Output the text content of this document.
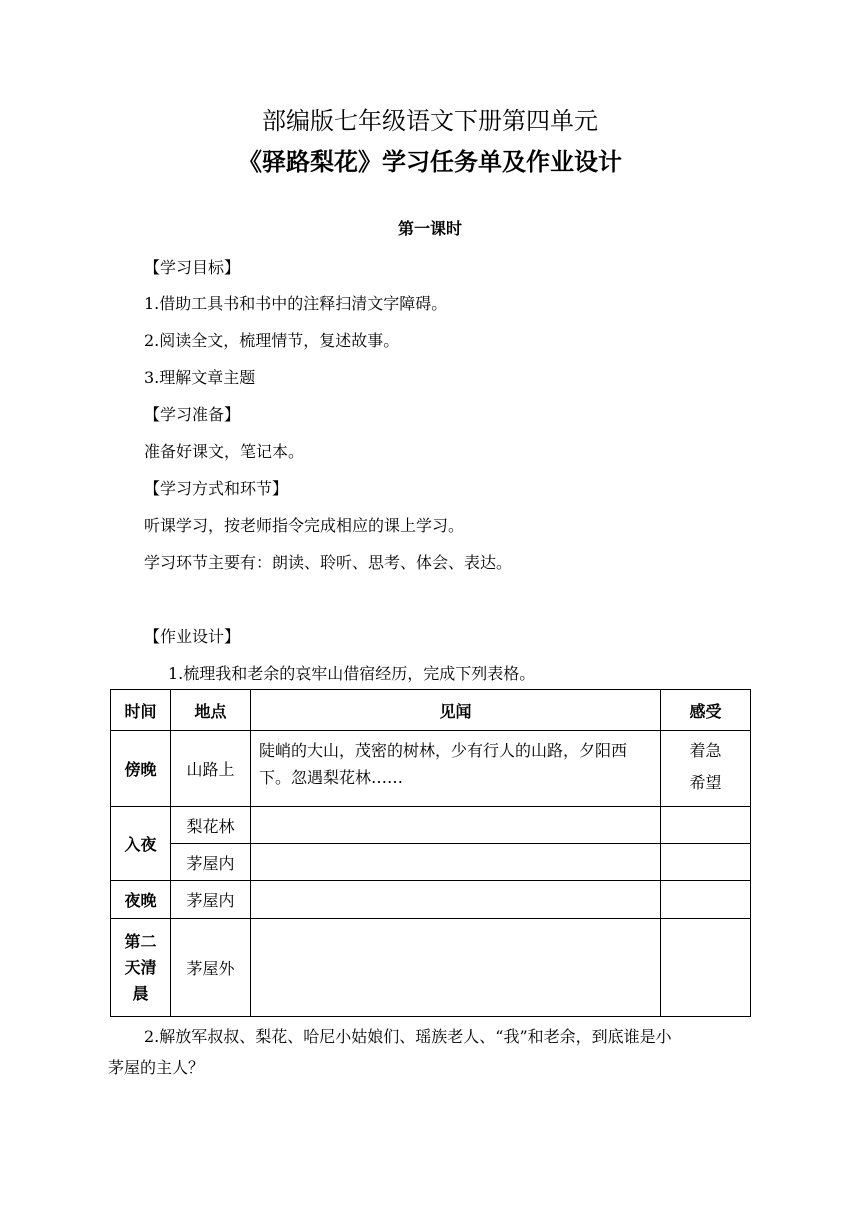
部编版七年级语文下册第四单元
《驿路梨花》学习任务单及作业设计
第一课时
【学习目标】
1.借助工具书和书中的注释扫清文字障碍。
2.阅读全文，梳理情节，复述故事。
3.理解文章主题
【学习准备】
准备好课文，笔记本。
【学习方式和环节】
听课学习，按老师指令完成相应的课上学习。
学习环节主要有：朗读、聆听、思考、体会、表达。
【作业设计】
1.梳理我和老余的哀牢山借宿经历，完成下列表格。
时间	地点	见闻	感受
傍晚	山路上	陡峭的大山，茂密的树林，少有行人的山路，夕阳西下。忽遇梨花林……	着急
希望

入夜	梨花林		
	茅屋内		
夜晚	茅屋内		

第二
天清
晨	茅屋外		
2.解放军叔叔、梨花、哈尼小姑娘们、瑶族老人、“我”和老余，到底谁是小
茅屋的主人？
